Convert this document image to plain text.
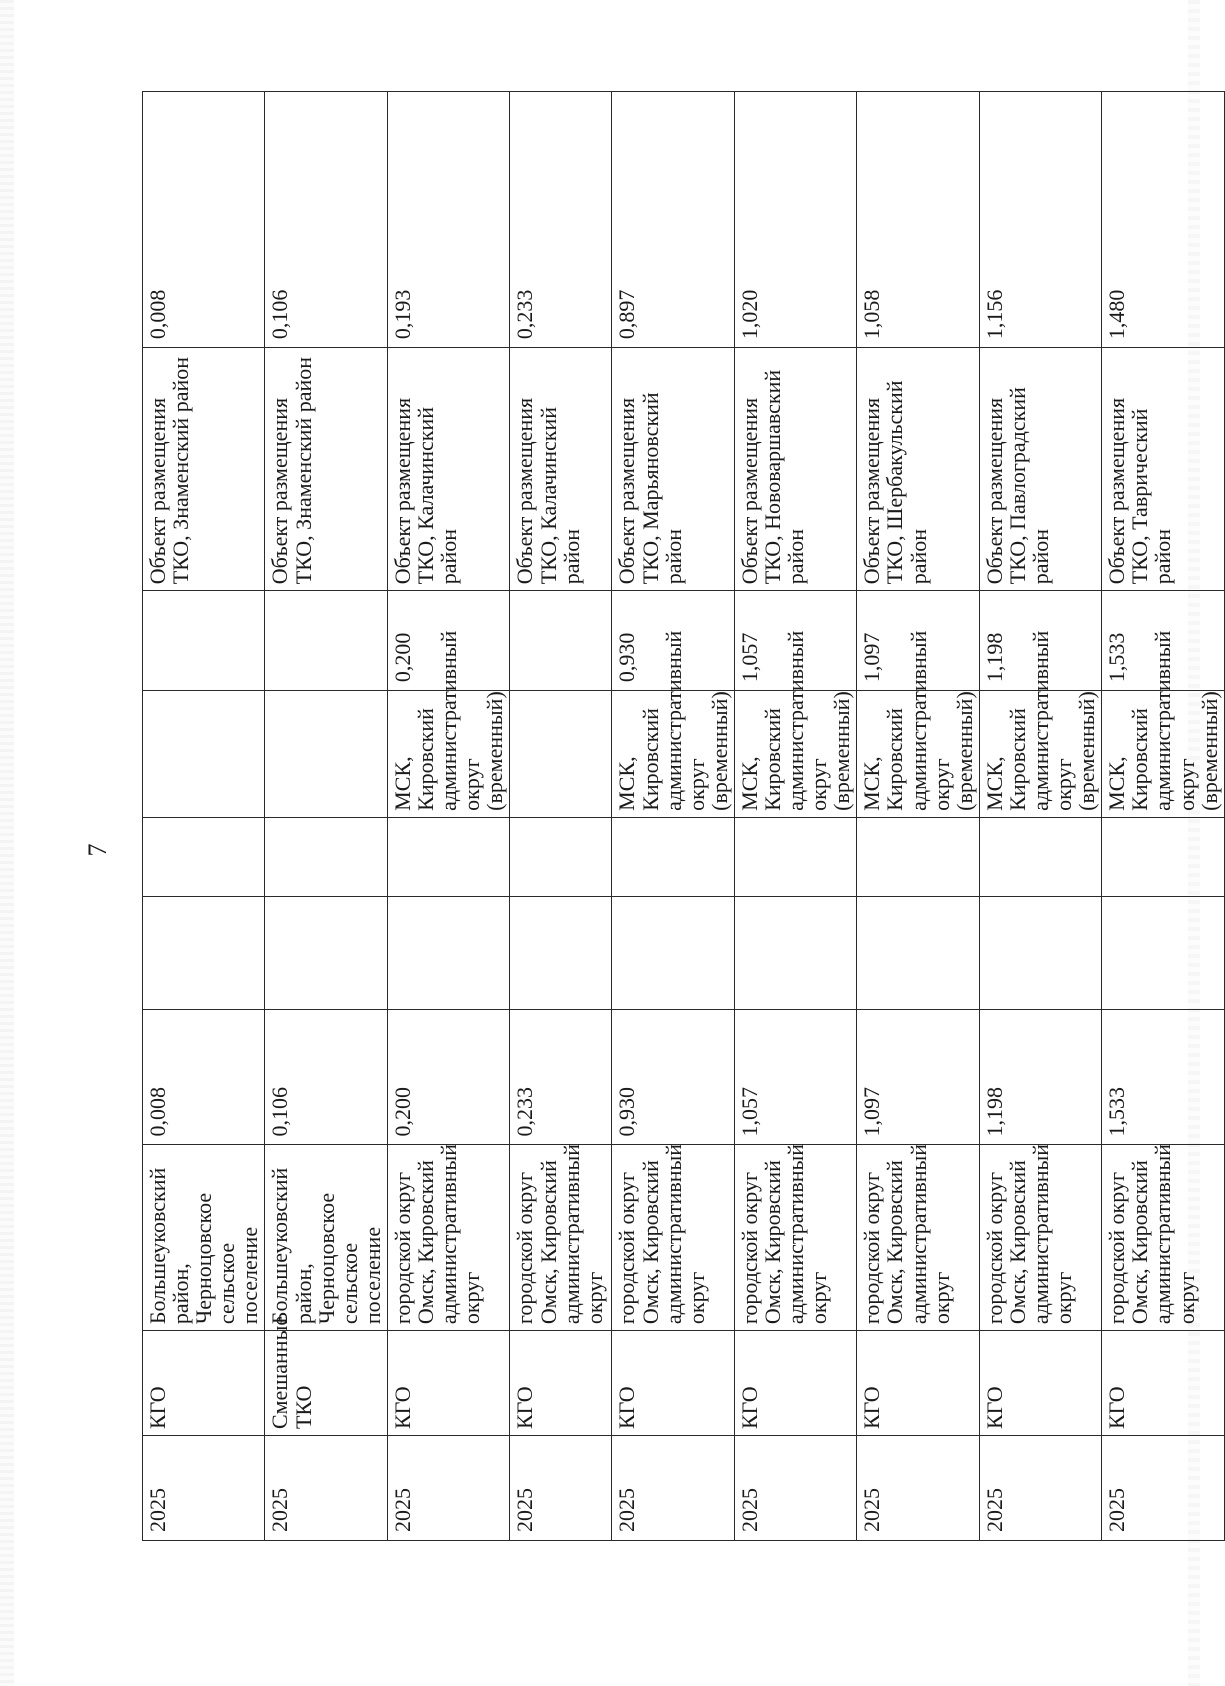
7
2025	КГО	Большеуковский район, Черноцовское сельское поселение	0,008					Объект размещения ТКО, Знаменский район	0,008
2025	Смешанные ТКО	Большеуковский район, Черноцовское сельское поселение	0,106					Объект размещения ТКО, Знаменский район	0,106
2025	КГО	городской округ Омск, Кировский административный округ	0,200			МСК, Кировский административный округ (временный)	0,200	Объект размещения ТКО, Калачинский район	0,193
2025	КГО	городской округ Омск, Кировский административный округ	0,233					Объект размещения ТКО, Калачинский район	0,233
2025	КГО	городской округ Омск, Кировский административный округ	0,930			МСК, Кировский административный округ (временный)	0,930	Объект размещения ТКО, Марьяновский район	0,897
2025	КГО	городской округ Омск, Кировский административный округ	1,057			МСК, Кировский административный округ (временный)	1,057	Объект размещения ТКО, Нововаршавский район	1,020
2025	КГО	городской округ Омск, Кировский административный округ	1,097			МСК, Кировский административный округ (временный)	1,097	Объект размещения ТКО, Шербакульский район	1,058
2025	КГО	городской округ Омск, Кировский административный округ	1,198			МСК, Кировский административный округ (временный)	1,198	Объект размещения ТКО, Павлоградский район	1,156
2025	КГО	городской округ Омск, Кировский административный округ	1,533			МСК, Кировский административный округ (временный)	1,533	Объект размещения ТКО, Таврический район	1,480
